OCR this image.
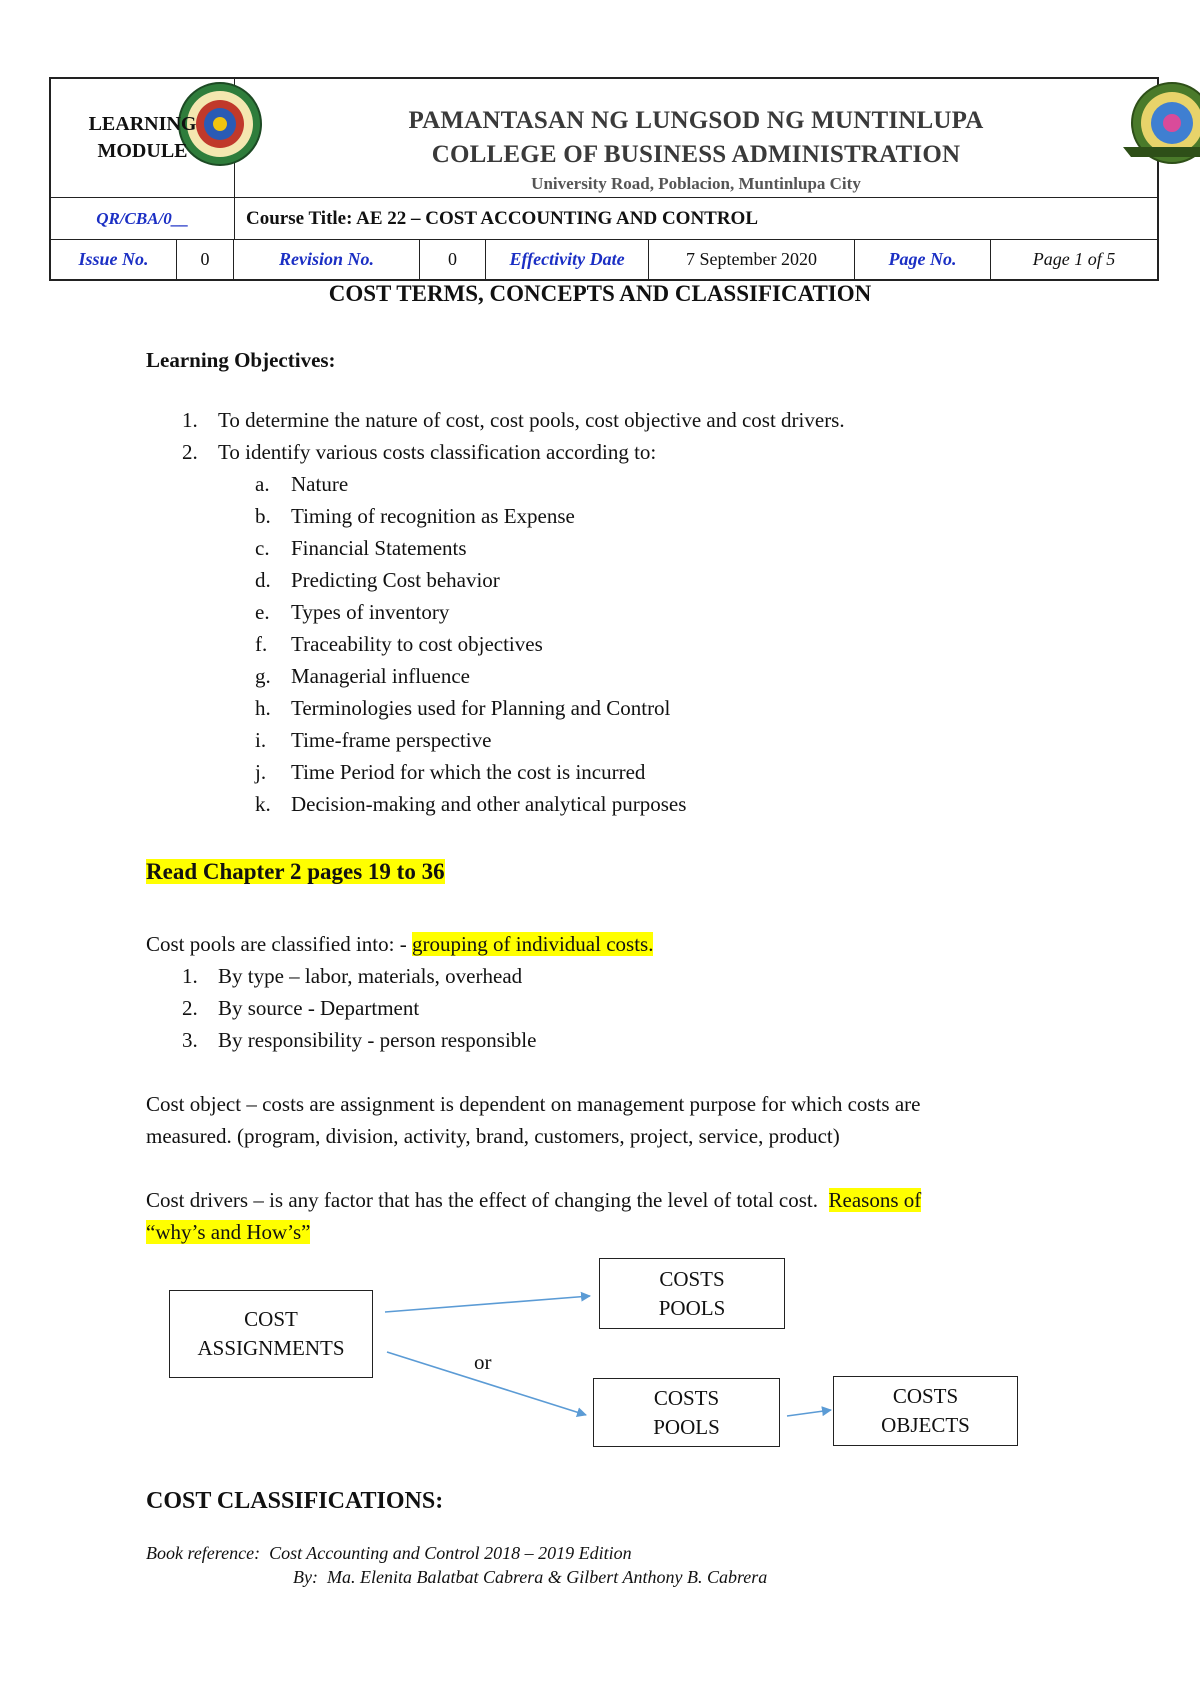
LEARNING MODULE
PAMANTASAN NG LUNGSOD NG MUNTINLUPA
COLLEGE OF BUSINESS ADMINISTRATION
University Road, Poblacion, Muntinlupa City
QR/CBA/0__	Course Title: AE 22 – COST ACCOUNTING AND CONTROL
Issue No.	0	Revision No.	0	Effectivity Date	7 September 2020	Page No.	Page 1 of 5
COST TERMS, CONCEPTS AND CLASSIFICATION
Learning Objectives:
1. To determine the nature of cost, cost pools, cost objective and cost drivers.
2. To identify various costs classification according to:
a. Nature
b. Timing of recognition as Expense
c. Financial Statements
d. Predicting Cost behavior
e. Types of inventory
f. Traceability to cost objectives
g. Managerial influence
h. Terminologies used for Planning and Control
i. Time-frame perspective
j. Time Period for which the cost is incurred
k. Decision-making and other analytical purposes
Read Chapter 2 pages 19 to 36
Cost pools are classified into: - grouping of individual costs.
1. By type – labor, materials, overhead
2. By source - Department
3. By responsibility - person responsible
Cost object – costs are assignment is dependent on management purpose for which costs are
measured. (program, division, activity, brand, customers, project, service, product)
Cost drivers – is any factor that has the effect of changing the level of total cost.  Reasons of
“why’s and How’s”
COST ASSIGNMENTS
COSTS POOLS
or
COSTS POOLS
COSTS OBJECTS
COST CLASSIFICATIONS:
Book reference:  Cost Accounting and Control 2018 – 2019 Edition
By:  Ma. Elenita Balatbat Cabrera & Gilbert Anthony B. Cabrera
